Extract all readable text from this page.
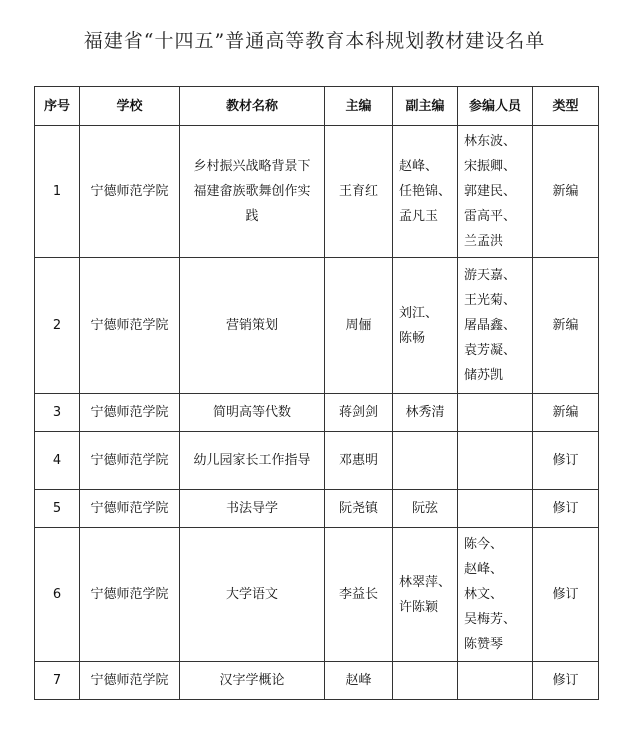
福建省“十四五”普通高等教育本科规划教材建设名单
序号	学校	教材名称	主编	副主编	参编人员	类型
1	宁德师范学院	乡村振兴战略背景下
福建畲族歌舞创作实
践	王育红	赵峰、
任艳锦、
孟凡玉	林东波、
宋振卿、
郭建民、
雷高平、
兰孟洪	新编
2	宁德师范学院	营销策划	周俪	刘江、
陈畅	游天嘉、
王光菊、
屠晶鑫、
袁芳凝、
储苏凯	新编
3	宁德师范学院	简明高等代数	蒋剑剑	林秀清		新编
4	宁德师范学院	幼儿园家长工作指导	邓惠明			修订
5	宁德师范学院	书法导学	阮尧镇	阮弦		修订
6	宁德师范学院	大学语文	李益长	林翠萍、
许陈颖	陈今、
赵峰、
林文、
吴梅芳、
陈赞琴	修订
7	宁德师范学院	汉字学概论	赵峰			修订
